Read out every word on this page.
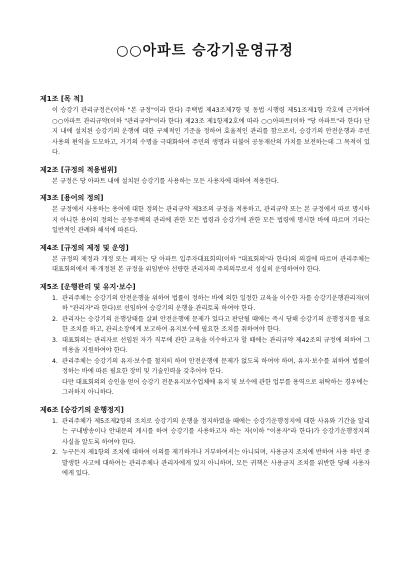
○○아파트 승강기운영규정
제1조 [목 적]

이 승강기 관리규정은(이하 "본 규정"이라 한다) 주택법 제43조제7항 및 동법 시행령 제51조제1항 각호에 근거하여 ○○아파트 관리규약(이하 "관리규약"이라 한다) 제23조 제1항제2호에 따라 ○○아파트(이하 "당 아파트"라 한다) 단지 내에 설치된 승강기의 운행에 대한 구체적인 기준을 정하여 효율적인 관리를 함으로서, 승강기의 안전운행과 주민 사용의 편익을 도모하고, 거기의 수명을 극대화하여 주민의 생명과 더불어 공동재산의 가치를 보전하는데 그 목적이 있다.

제2조 [규정의 적용범위]

본 규정은 당 아파트 내에 설치된 승강기를 사용하는 모든 사용자에 대하여 적용한다.

제3조 [용어의 정의]

본 규정에서 사용하는 용어에 대한 정의는 관리규약 제3조의 규정을 적용하고, 관리규약 또는 본 규정에서 따로 명시하지 아니한 용어의 정의는 공동주택의 관리에 관한 모든 법령과 승강기에 관한 모든 법령에 명시한 바에 따르며 기타는 일반적인 관례와 해석에 따른다.

제4조 [규정의 제정 및 운영]

본 규정의 제정과 개정 또는 폐지는 당 아파트 입주자대표회의(이하 "대표회의"라 한다)의 의결에 따르며 관리주체는 대표회의에서 제·개정된 본 규정을 위임받아 선량한 관리자의 주의의무로서 성실히 운영하여야 한다.

제5조 [운행관리 및 유지·보수]
1. 관리주체는 승강기의 안전운행을 위하여 법률이 정하는 바에 의한 일정한 교육을 이수한 자를 승강기운행관리자(이하 "관리자"라 한다)로 선임하여 승강기의 운행을 관리토록 하여야 한다.
2. 관리자는 승강기의 운행상태를 살펴 안전운행에 문제가 있다고 판단될 때에는 즉시 당해 승강기의 운행정지를 필요한 조치를 하고, 관리소장에게 보고하여 유지보수에 필요한 조치를 취하여야 한다.
3. 대표회의는 관리자로 선임된 자가 직무에 관한 교육을 이수하고자 할 때에는 관리규약 제42조의 규정에 의하여 그 비용을 지원하여야 한다.
4. 관리주체는 승강기의 유지·보수를 철저히 하며 안전운행에 문제가 없도록 하여야 하며, 유지·보수를 위하여 법률이 정하는 바에 따른 필요한 장비 및 기술인력을 갖추어야 한다.
다만 대표회의의 승인을 얻어 승강기 전문유지보수업체에 유지 및 보수에 관한 업무를 용역으로 위탁하는 경우에는 그러하지 아니하다.
제6조 [승강기의 운행정지]
1. 관리주체가 제5조제2항의 조치로 승강기의 운행을 정지하였을 때에는 승강기운행정지에 대한 사유와 기간을 알리는 구내방송이나 안내문의 게시를 하여 승강기를 사용하고자 하는 자(이하 "이용자"라 한다)가 승강기운행정지의 사실을 알도록 하여야 한다.
2. 누구든지 제1항의 조치에 대하여 이의를 제기하거나 거부하여서는 아니되며, 사용금지 조치에 반하여 사용 하던 중 발생한 사고에 대하여는 관리주체나 관리자에게 있지 아니하며, 모든 귀책은 사용금지 조치를 위반한 당해 사용자에게 있다.
